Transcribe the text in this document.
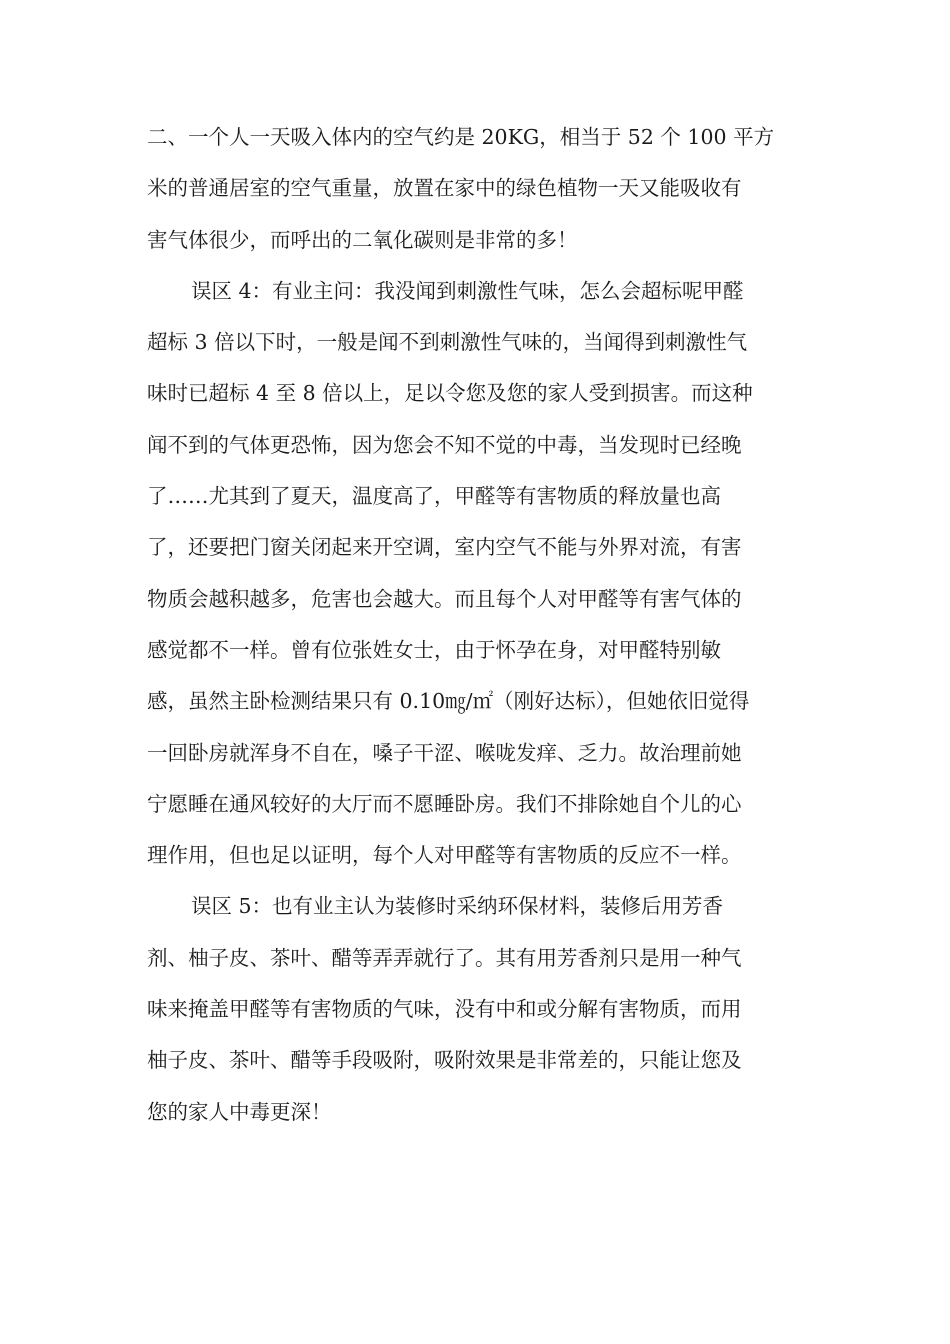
二、一个人一天吸入体内的空气约是 20KG，相当于 52 个 100 平方
米的普通居室的空气重量，放置在家中的绿色植物一天又能吸收有
害气体很少，而呼出的二氧化碳则是非常的多！
误区 4：有业主问：我没闻到刺激性气味，怎么会超标呢甲醛
超标 3 倍以下时，一般是闻不到刺激性气味的，当闻得到刺激性气
味时已超标 4 至 8 倍以上，足以令您及您的家人受到损害。而这种
闻不到的气体更恐怖，因为您会不知不觉的中毒，当发现时已经晚
了……尤其到了夏天，温度高了，甲醛等有害物质的释放量也高
了，还要把门窗关闭起来开空调，室内空气不能与外界对流，有害
物质会越积越多，危害也会越大。而且每个人对甲醛等有害气体的
感觉都不一样。曾有位张姓女士，由于怀孕在身，对甲醛特别敏
感，虽然主卧检测结果只有 0.10㎎/㎡（刚好达标），但她依旧觉得
一回卧房就浑身不自在，嗓子干涩、喉咙发痒、乏力。故治理前她
宁愿睡在通风较好的大厅而不愿睡卧房。我们不排除她自个儿的心
理作用，但也足以证明，每个人对甲醛等有害物质的反应不一样。
误区 5：也有业主认为装修时采纳环保材料，装修后用芳香
剂、柚子皮、茶叶、醋等弄弄就行了。其有用芳香剂只是用一种气
味来掩盖甲醛等有害物质的气味，没有中和或分解有害物质，而用
柚子皮、茶叶、醋等手段吸附，吸附效果是非常差的，只能让您及
您的家人中毒更深！
